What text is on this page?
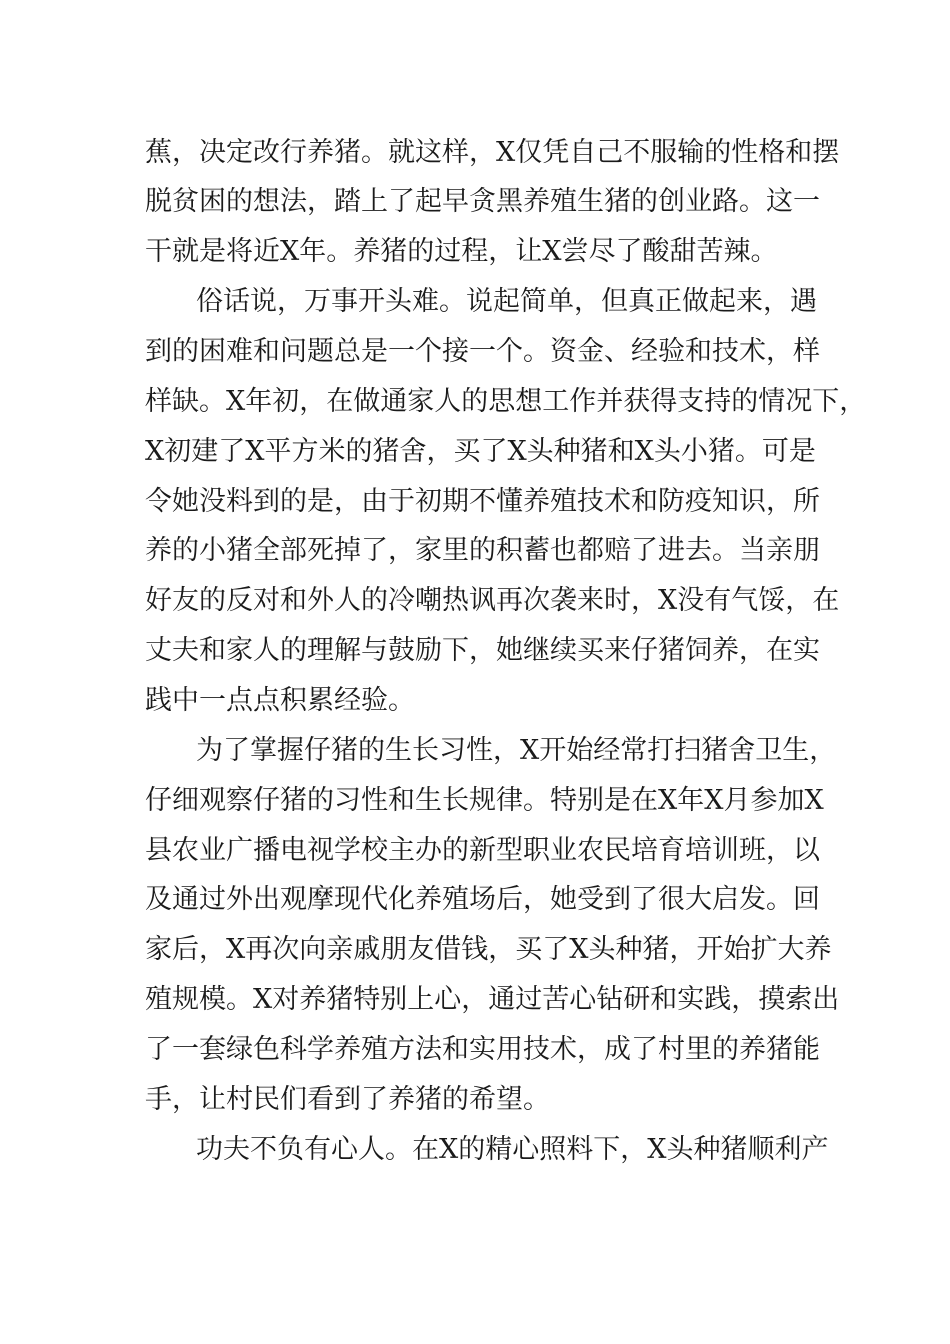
蕉，决定改行养猪。就这样，X仅凭自己不服输的性格和摆

脱贫困的想法，踏上了起早贪黑养殖生猪的创业路。这一

干就是将近X年。养猪的过程，让X尝尽了酸甜苦辣。

俗话说，万事开头难。说起简单，但真正做起来，遇

到的困难和问题总是一个接一个。资金、经验和技术，样

样缺。X年初，在做通家人的思想工作并获得支持的情况下，

X初建了X平方米的猪舍，买了X头种猪和X头小猪。可是

令她没料到的是，由于初期不懂养殖技术和防疫知识，所

养的小猪全部死掉了，家里的积蓄也都赔了进去。当亲朋

好友的反对和外人的冷嘲热讽再次袭来时，X没有气馁，在

丈夫和家人的理解与鼓励下，她继续买来仔猪饲养，在实

践中一点点积累经验。

为了掌握仔猪的生长习性，X开始经常打扫猪舍卫生，

仔细观察仔猪的习性和生长规律。特别是在X年X月参加X

县农业广播电视学校主办的新型职业农民培育培训班，以

及通过外出观摩现代化养殖场后，她受到了很大启发。回

家后，X再次向亲戚朋友借钱，买了X头种猪，开始扩大养

殖规模。X对养猪特别上心，通过苦心钻研和实践，摸索出

了一套绿色科学养殖方法和实用技术，成了村里的养猪能

手，让村民们看到了养猪的希望。

功夫不负有心人。在X的精心照料下，X头种猪顺利产
